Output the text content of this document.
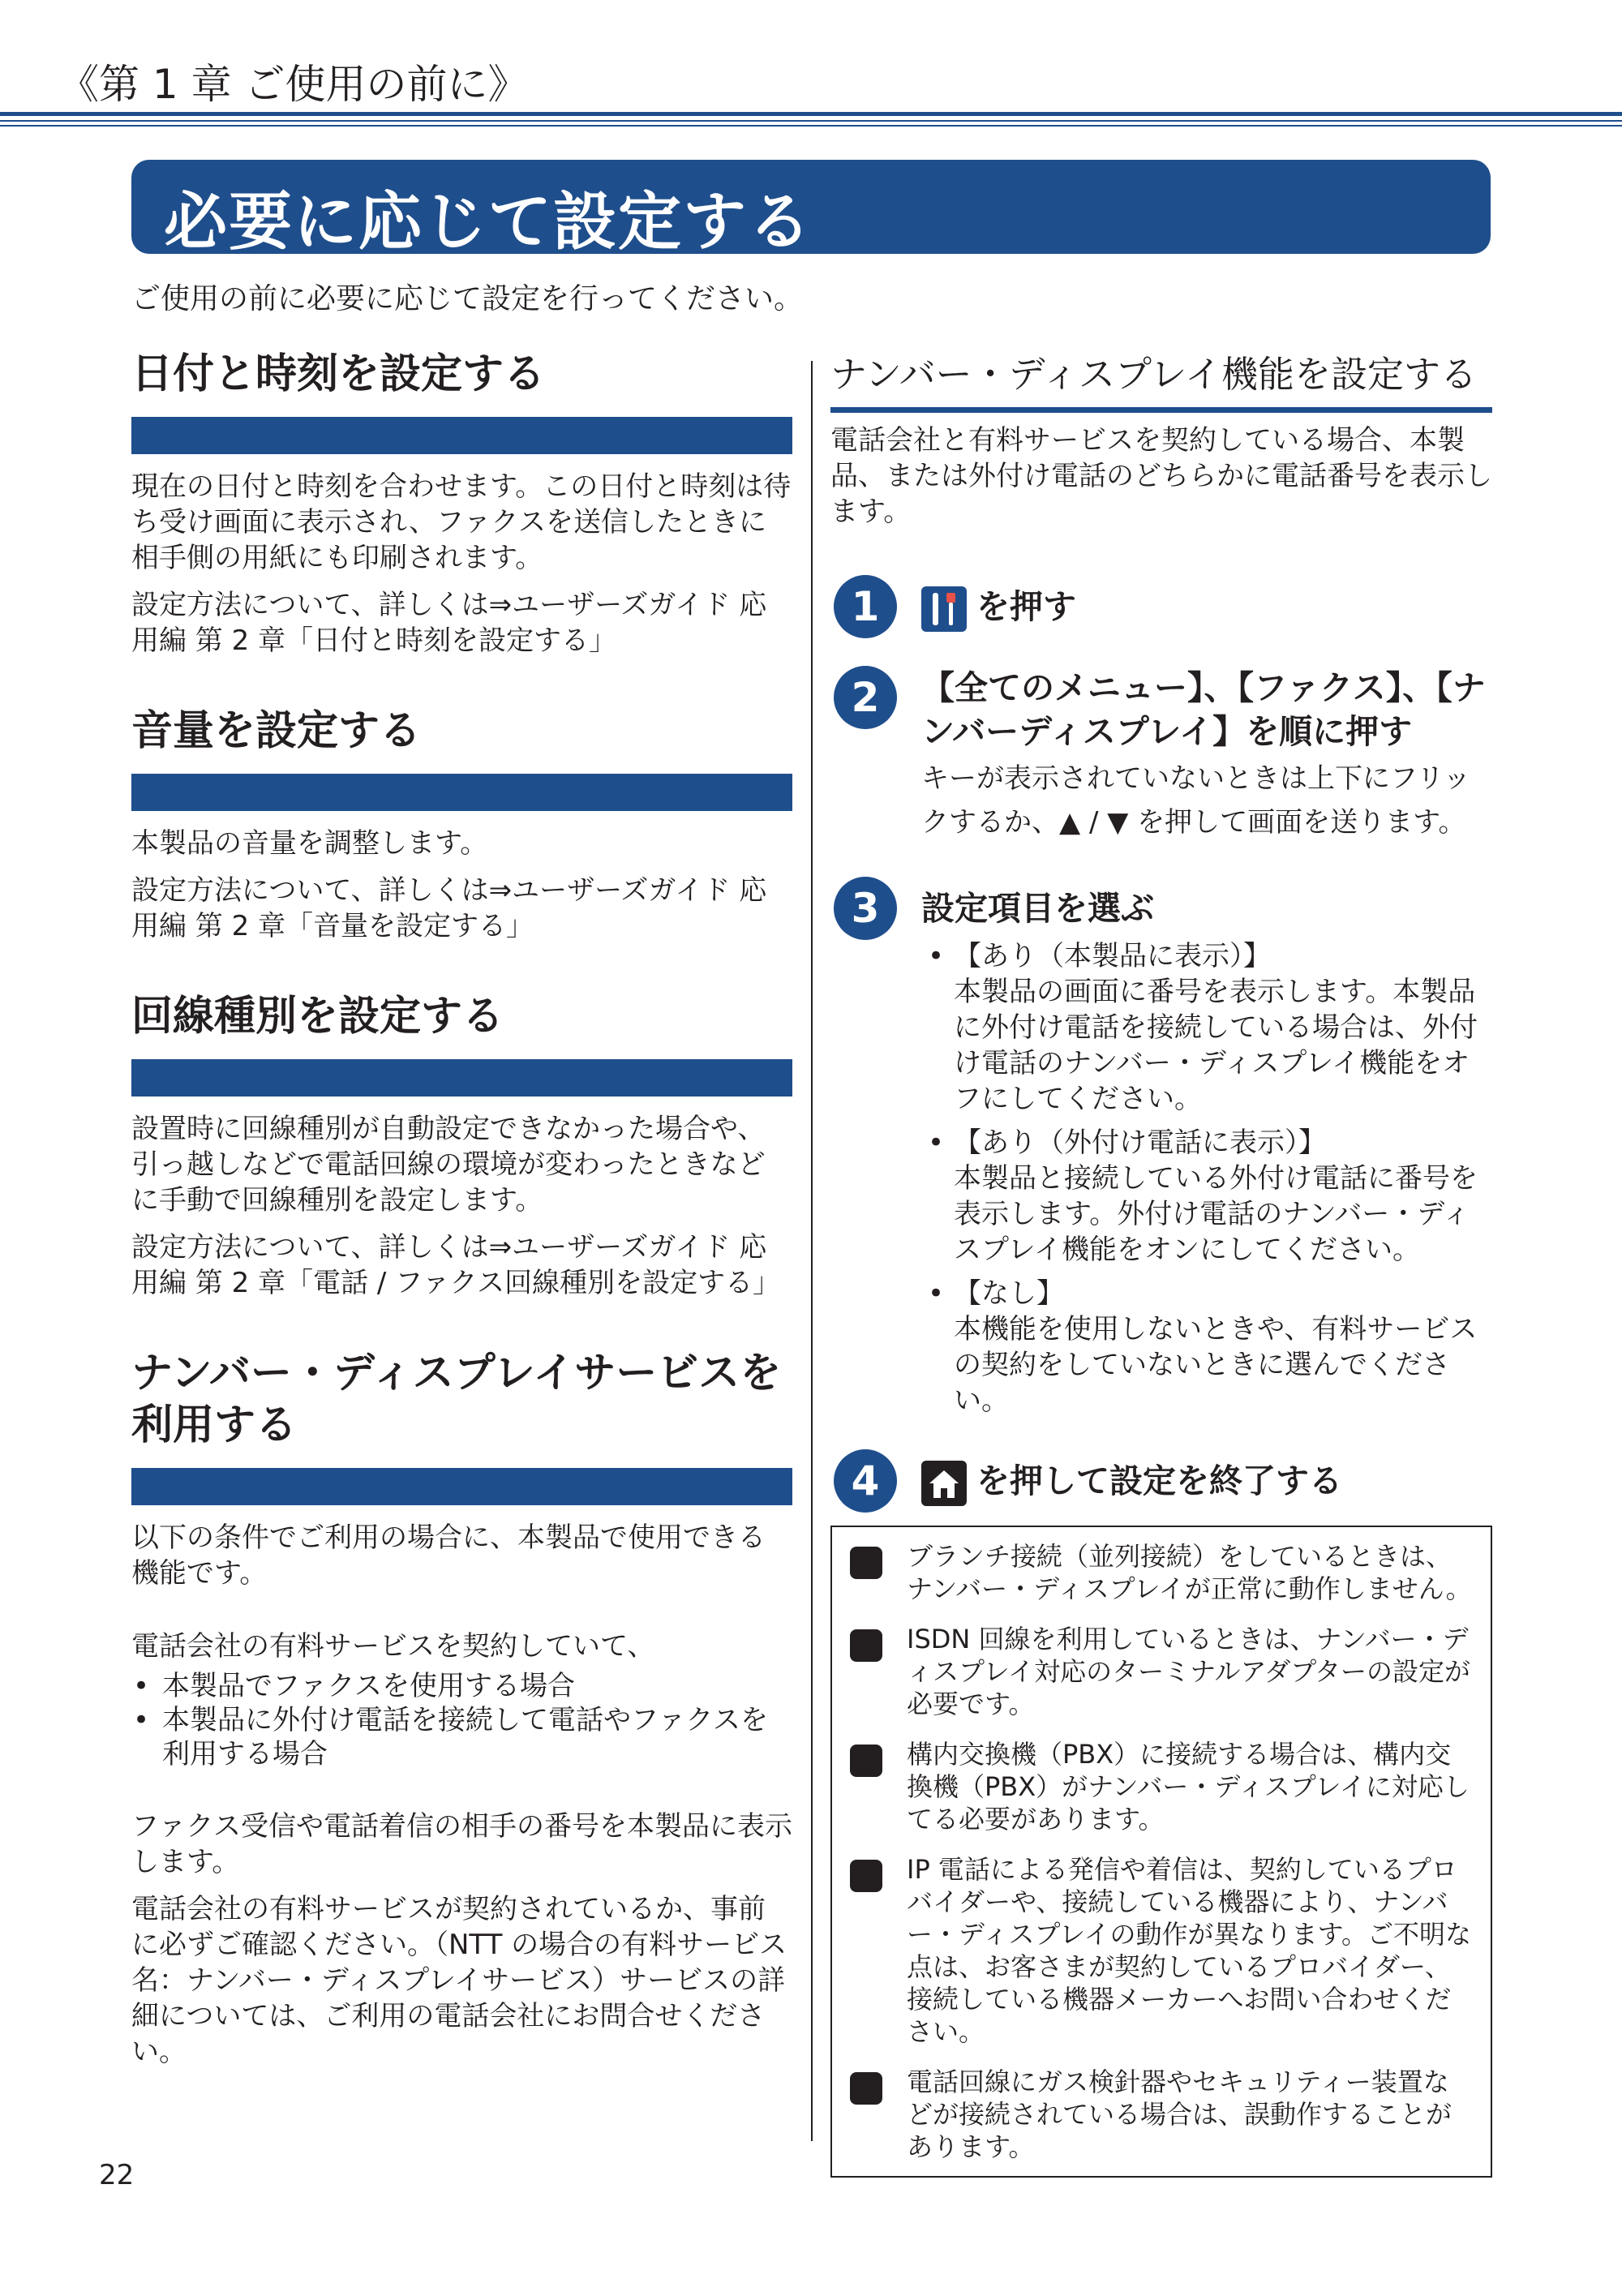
《第 1 章 ご使用の前に》
必要に応じて設定する
ご使用の前に必要に応じて設定を行ってください。
日付と時刻を設定する

現在の日付と時刻を合わせます。この日付と時刻は待ち受け画面に表示され、ファクスを送信したときに相手側の用紙にも印刷されます。

設定方法について、詳しくは⇒ユーザーズガイド 応用編 第 2 章「日付と時刻を設定する」

音量を設定する

本製品の音量を調整します。

設定方法について、詳しくは⇒ユーザーズガイド 応用編 第 2 章「音量を設定する」

回線種別を設定する

設置時に回線種別が自動設定できなかった場合や、引っ越しなどで電話回線の環境が変わったときなどに手動で回線種別を設定します。

設定方法について、詳しくは⇒ユーザーズガイド 応用編 第 2 章「電話 / ファクス回線種別を設定する」

ナンバー・ディスプレイサービスを利用する

以下の条件でご利用の場合に、本製品で使用できる機能です。

電話会社の有料サービスを契約していて、

• 本製品でファクスを使用する場合
• 本製品に外付け電話を接続して電話やファクスを利用する場合

ファクス受信や電話着信の相手の番号を本製品に表示します。

電話会社の有料サービスが契約されているか、事前に必ずご確認ください。（NTT の場合の有料サービス名：ナンバー・ディスプレイサービス）サービスの詳細については、ご利用の電話会社にお問合せください。

ナンバー・ディスプレイ機能を設定する

電話会社と有料サービスを契約している場合、本製品、または外付け電話のどちらかに電話番号を表示します。

1	を押す
2	【全てのメニュー】、【ファクス】、【ナンバーディスプレイ】を順に押す
キーが表示されていないときは上下にフリックするか、▲ / ▼ を押して画面を送ります。
3	設定項目を選ぶ
• 【あり（本製品に表示）】
本製品の画面に番号を表示します。本製品に外付け電話を接続している場合は、外付け電話のナンバー・ディスプレイ機能をオフにしてください。
• 【あり（外付け電話に表示）】
本製品と接続している外付け電話に番号を表示します。外付け電話のナンバー・ディスプレイ機能をオンにしてください。
• 【なし】
本機能を使用しないときや、有料サービスの契約をしていないときに選んでください。
4	を押して設定を終了する
ブランチ接続（並列接続）をしているときは、ナンバー・ディスプレイが正常に動作しません。
ISDN 回線を利用しているときは、ナンバー・ディスプレイ対応のターミナルアダプターの設定が必要です。
構内交換機（PBX）に接続する場合は、構内交換機（PBX）がナンバー・ディスプレイに対応してる必要があります。
IP 電話による発信や着信は、契約しているプロバイダーや、接続している機器により、ナンバー・ディスプレイの動作が異なります。ご不明な点は、お客さまが契約しているプロバイダー、接続している機器メーカーへお問い合わせください。
電話回線にガス検針器やセキュリティー装置などが接続されている場合は、誤動作することがあります。
22
